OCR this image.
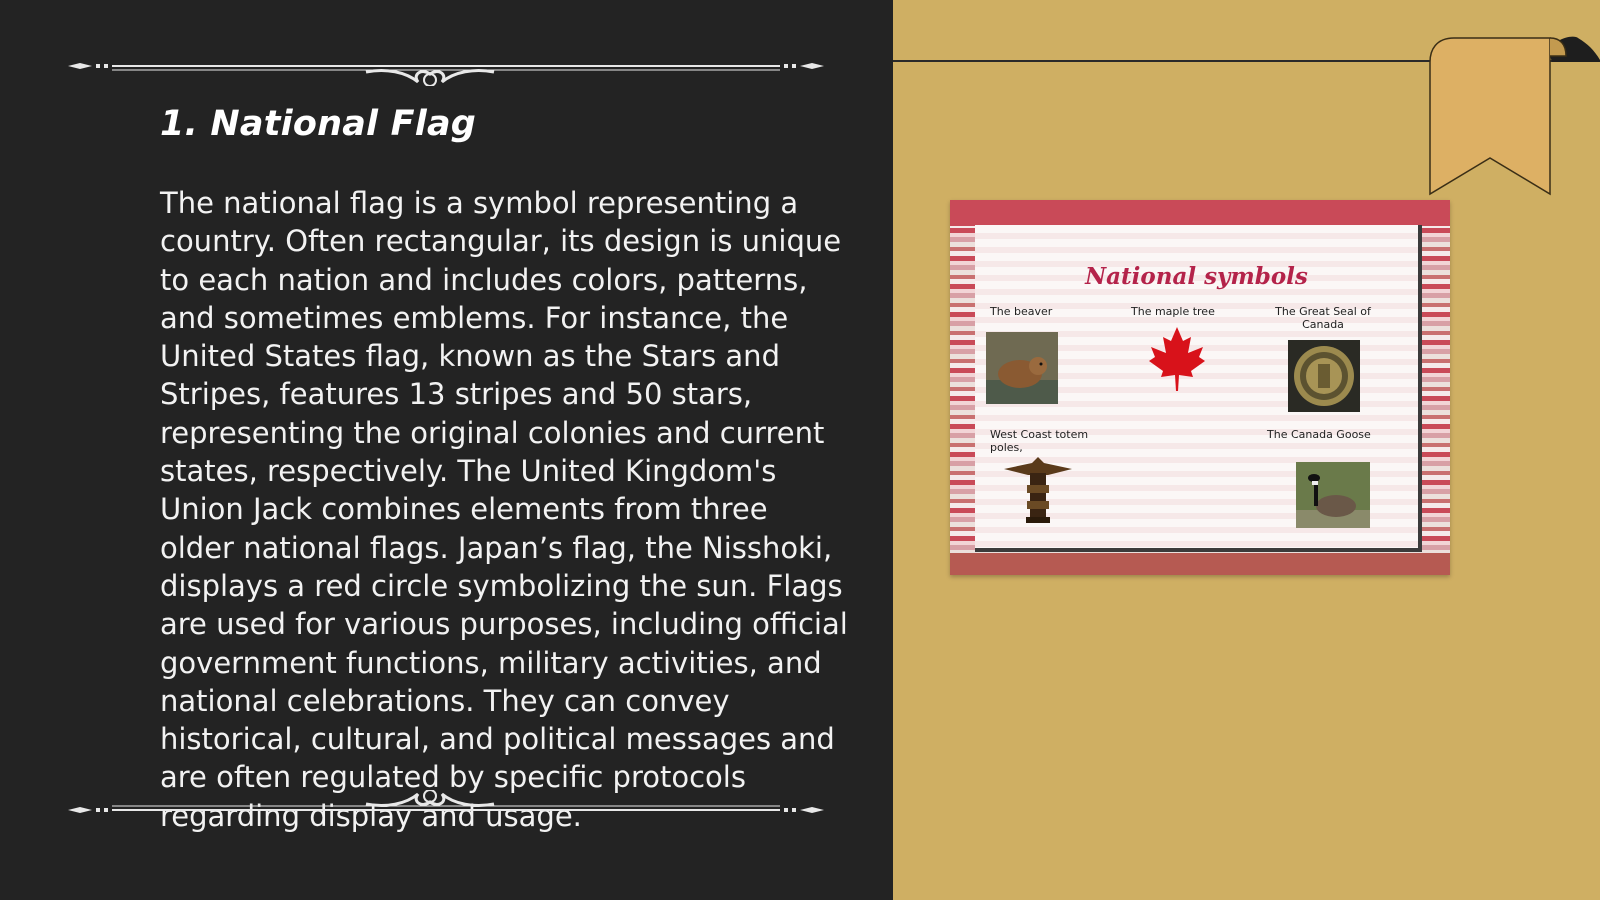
1. National Flag

The national flag is a symbol representing a country. Often rectangular, its design is unique to each nation and includes colors, patterns, and sometimes emblems. For instance, the United States flag, known as the Stars and Stripes, features 13 stripes and 50 stars, representing the original colonies and current states, respectively. The United Kingdom's Union Jack combines elements from three older national flags. Japan’s flag, the Nisshoki, displays a red circle symbolizing the sun. Flags are used for various purposes, including official government functions, military activities, and national celebrations. They can convey historical, cultural, and political messages and are often regulated by specific protocols regarding display and usage.

National symbols
The beaver	The maple tree	The Great Seal of Canada
West Coast totem poles,
The Canada Goose
